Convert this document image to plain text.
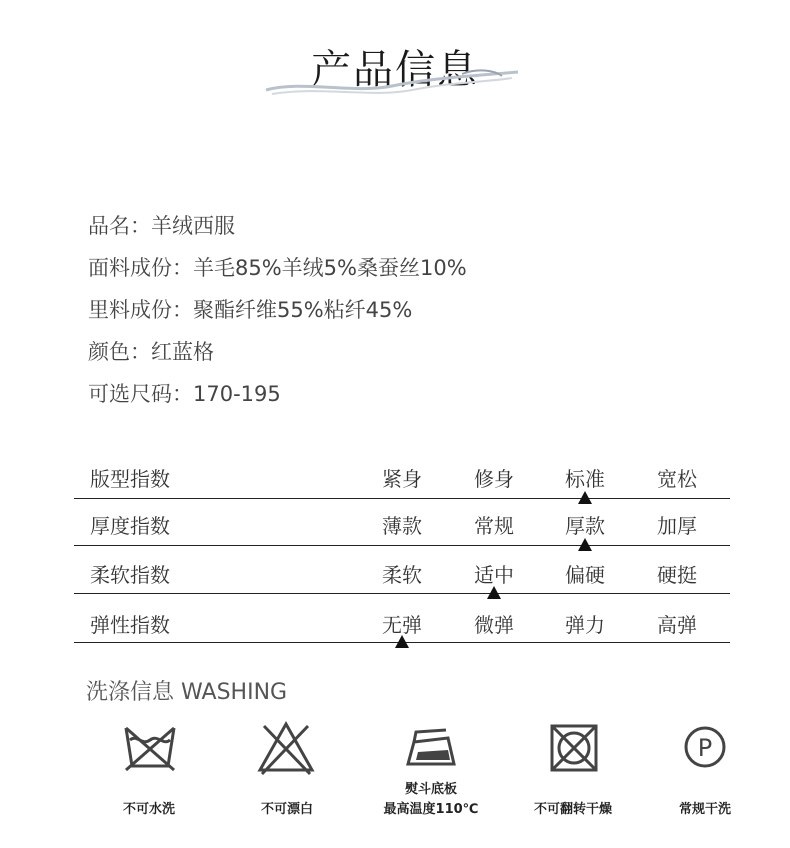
产品信息
品名：羊绒西服
面料成份：羊毛85%羊绒5%桑蚕丝10%
里料成份：聚酯纤维55%粘纤45%
颜色：红蓝格
可选尺码：170-195
版型指数	紧身	修身	标准	宽松
厚度指数	薄款	常规	厚款	加厚
柔软指数	柔软	适中	偏硬	硬挺
弹性指数	无弹	微弹	弹力	高弹
洗涤信息 WASHING
P
不可水洗	不可漂白
熨斗底板
最高温度110℃	不可翻转干燥	常规干洗
